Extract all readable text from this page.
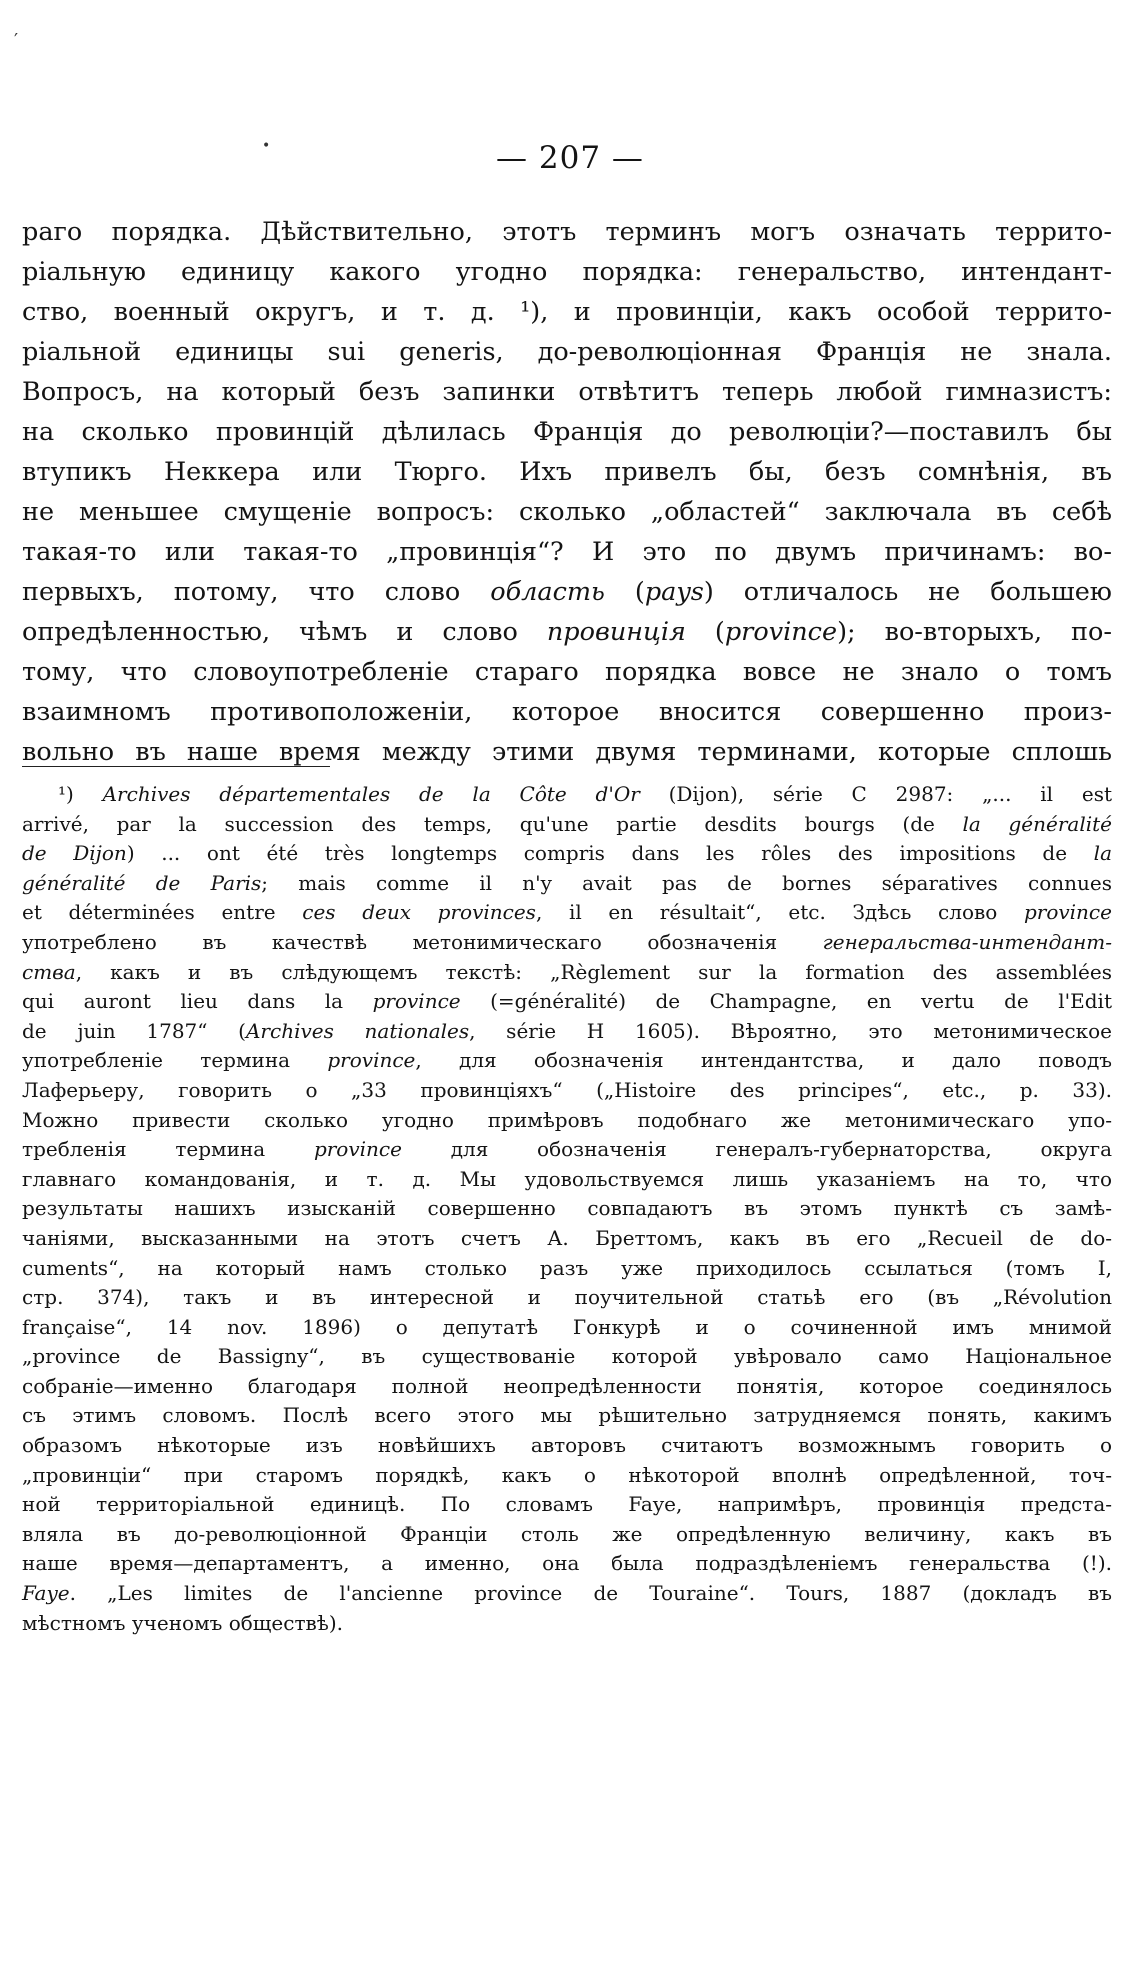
′
•	— 207 —
раго порядка. Дѣйствительно, этотъ терминъ могъ означать террито-
ріальную единицу какого угодно порядка: генеральство, интендант-
ство, военный округъ, и т. д. ¹), и провинціи, какъ особой террито-
ріальной единицы sui generis, до-революціонная Франція не знала.
Вопросъ, на который безъ запинки отвѣтитъ теперь любой гимназистъ:
на сколько провинцій дѣлилась Франція до революціи?—поставилъ бы
втупикъ Неккера или Тюрго. Ихъ привелъ бы, безъ сомнѣнія, въ
не меньшее смущеніе вопросъ: сколько „областей“ заключала въ себѣ
такая-то или такая-то „провинція“? И это по двумъ причинамъ: во-
первыхъ, потому, что слово область (pays) отличалось не большею
опредѣленностью, чѣмъ и слово провинція (province); во-вторыхъ, по-
тому, что словоупотребленіе стараго порядка вовсе не знало о томъ
взаимномъ противоположеніи, которое вносится совершенно произ-
вольно въ наше время между этими двумя терминами, которые сплошь
¹) Archives départementales de la Côte d'Or (Dijon), série C 2987: „... il est
arrivé, par la succession des temps, qu'une partie desdits bourgs (de la généralité
de Dijon) ... ont été très longtemps compris dans les rôles des impositions de la
généralité de Paris; mais comme il n'y avait pas de bornes séparatives connues
et déterminées entre ces deux provinces, il en résultait“, etc. Здѣсь слово province
употреблено въ качествѣ метонимическаго обозначенія генеральства-интендант-
ства, какъ и въ слѣдующемъ текстѣ: „Règlement sur la formation des assemblées
qui auront lieu dans la province (=généralité) de Champagne, en vertu de l'Edit
de juin 1787“ (Archives nationales, série H 1605). Вѣроятно, это метонимическое
употребленіе термина province, для обозначенія интендантства, и дало поводъ
Лаферьеру, говорить о „33 провинціяхъ“ („Histoire des principes“, etc., p. 33).
Можно привести сколько угодно примѣровъ подобнаго же метонимическаго упо-
требленія термина province для обозначенія генералъ-губернаторства, округа
главнаго командованія, и т. д. Мы удовольствуемся лишь указаніемъ на то, что
результаты нашихъ изысканій совершенно совпадаютъ въ этомъ пунктѣ съ замѣ-
чаніями, высказанными на этотъ счетъ А. Бреттомъ, какъ въ его „Recueil de do-
cuments“, на который намъ столько разъ уже приходилось ссылаться (томъ I,
стр. 374), такъ и въ интересной и поучительной статьѣ его (въ „Révolution
française“, 14 nov. 1896) о депутатѣ Гонкурѣ и о сочиненной имъ мнимой
„province de Bassigny“, въ существованіе которой увѣровало само Національное
собраніе—именно благодаря полной неопредѣленности понятія, которое соединялось
съ этимъ словомъ. Послѣ всего этого мы рѣшительно затрудняемся понять, какимъ
образомъ нѣкоторые изъ новѣйшихъ авторовъ считаютъ возможнымъ говорить о
„провинціи“ при старомъ порядкѣ, какъ о нѣкоторой вполнѣ опредѣленной, точ-
ной территоріальной единицѣ. По словамъ Faye, напримѣръ, провинція предста-
вляла въ до-революціонной Франціи столь же опредѣленную величину, какъ въ
наше время—департаментъ, а именно, она была подраздѣленіемъ генеральства (!).
Faye. „Les limites de l'ancienne province de Touraine“. Tours, 1887 (докладъ въ
мѣстномъ ученомъ обществѣ).
